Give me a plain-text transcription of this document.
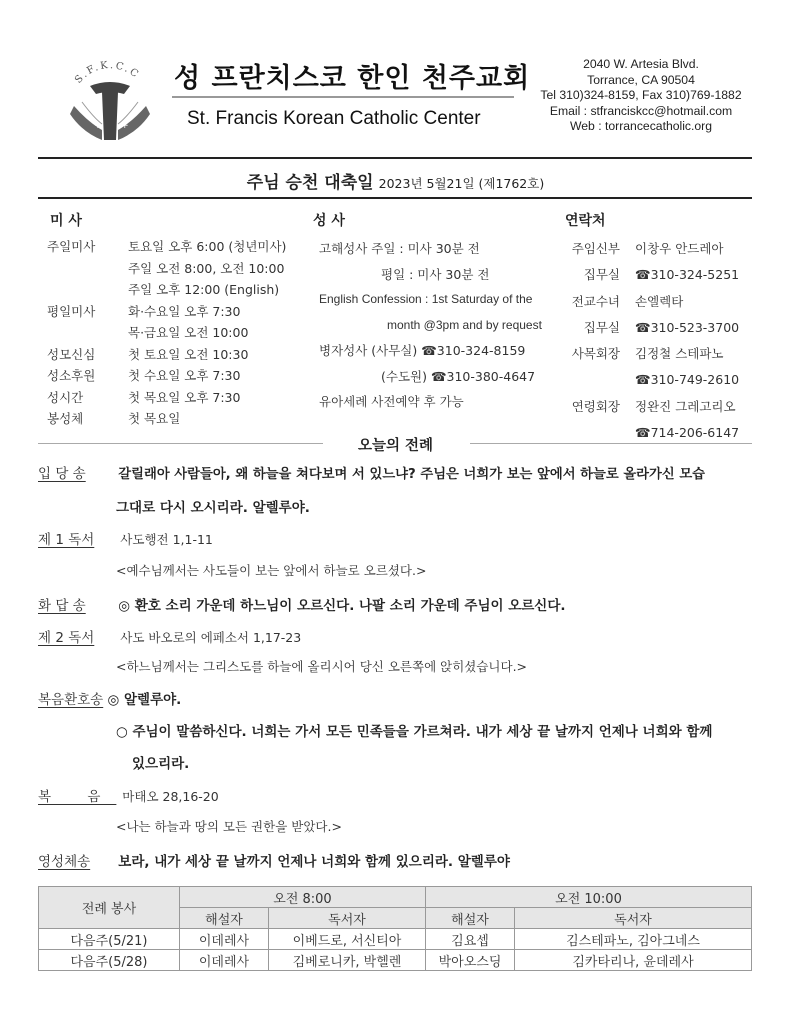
S.F.K.C.C
+ +
성 프란치스코 한인 천주교회
St. Francis Korean Catholic Center
2040 W. Artesia Blvd.
Torrance, CA 90504
Tel 310)324-8159, Fax 310)769-1882
Email : stfranciskcc@hotmail.com
Web : torrancecatholic.org
주님 승천 대축일 2023년 5월21일 (제1762호)
미 사	성 사	연락처
주일미사	토요일 오후 6:00 (청년미사)
주일 오전 8:00, 오전 10:00
주일 오후 12:00 (English)
평일미사	화·수요일 오후 7:30
목·금요일 오전 10:00
성모신심	첫 토요일 오전 10:30
성소후원	첫 수요일 오후 7:30
성시간	첫 목요일 오후 7:30
봉성체	첫 목요일
고해성사 주일 : 미사 30분 전
평일 : 미사 30분 전
English Confession : 1st Saturday of the
month @3pm and by request
병자성사 (사무실) ☎310-324-8159
(수도원) ☎310-380-4647
유아세례 사전예약 후 가능
주임신부 이창우 안드레아
집무실 ☎310-324-5251
전교수녀 손엘렉타
집무실 ☎310-523-3700
사목회장 김정철 스테파노
☎310-749-2610
연령회장 정완진 그레고리오
☎714-206-6147
오늘의 전례
입 당 송 갈릴래아 사람들아, 왜 하늘을 쳐다보며 서 있느냐? 주님은 너희가 보는 앞에서 하늘로 올라가신 모습
그대로 다시 오시리라. 알렐루야.
제 1 독서 사도행전 1,1-11
<예수님께서는 사도들이 보는 앞에서 하늘로 오르셨다.>
화 답 송 ◎ 환호 소리 가운데 하느님이 오르신다. 나팔 소리 가운데 주님이 오르신다.
제 2 독서 사도 바오로의 에페소서 1,17-23
<하느님께서는 그리스도를 하늘에 올리시어 당신 오른쪽에 앉히셨습니다.>
복음환호송 ◎ 알렐루야.
○ 주님이 말씀하신다. 너희는 가서 모든 민족들을 가르쳐라. 내가 세상 끝 날까지 언제나 너희와 함께
있으리라.
복 음 마태오 28,16-20
<나는 하늘과 땅의 모든 권한을 받았다.>
영성체송 보라, 내가 세상 끝 날까지 언제나 너희와 함께 있으리라. 알렐루야
전례 봉사	오전 8:00		오전 10:00	
	해설자	독서자	해설자	독서자
다음주(5/21)	이데레사	이베드로, 서신티아	김요셉	김스테파노, 김아그네스
다음주(5/28)	이데레사	김베로니카, 박헬렌	박아오스딩	김카타리나, 윤데레사
